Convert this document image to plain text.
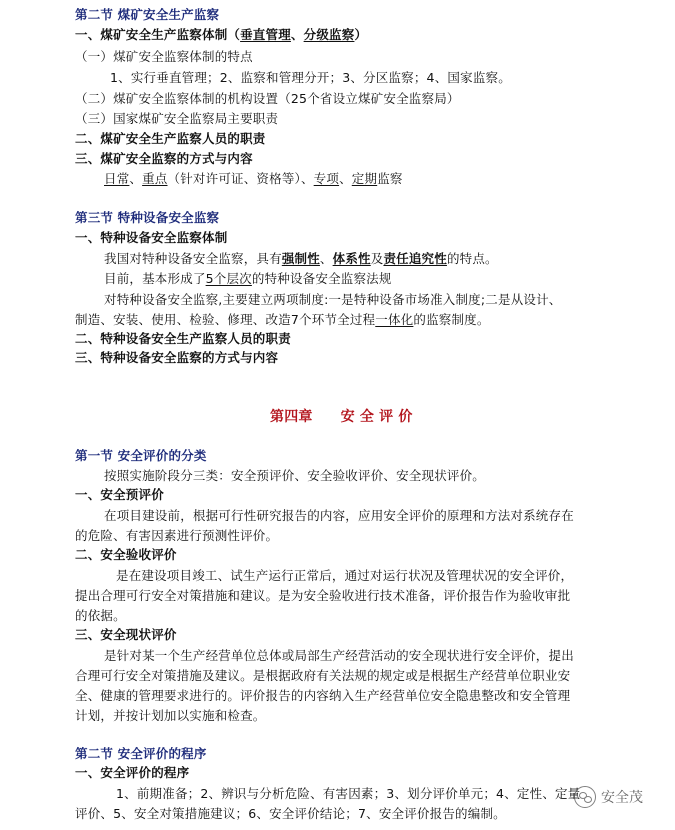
第二节 煤矿安全生产监察
一、煤矿安全生产监察体制（垂直管理、分级监察）
（一）煤矿安全监察体制的特点
1、实行垂直管理；2、监察和管理分开；3、分区监察；4、国家监察。
（二）煤矿安全监察体制的机构设置（25个省设立煤矿安全监察局）
（三）国家煤矿安全监察局主要职责
二、煤矿安全生产监察人员的职责
三、煤矿安全监察的方式与内容
日常、重点（针对许可证、资格等）、专项、定期监察
第三节 特种设备安全监察
一、特种设备安全监察体制
我国对特种设备安全监察，具有强制性、体系性及责任追究性的特点。
目前，基本形成了5个层次的特种设备安全监察法规
对特种设备安全监察,主要建立两项制度:一是特种设备市场准入制度;二是从设计、
制造、安装、使用、检验、修理、改造7个环节全过程一体化的监察制度。
二、特种设备安全生产监察人员的职责
三、特种设备安全监察的方式与内容
第四章 安 全 评 价
第一节 安全评价的分类
按照实施阶段分三类：安全预评价、安全验收评价、安全现状评价。
一、安全预评价
在项目建设前，根据可行性研究报告的内容，应用安全评价的原理和方法对系统存在
的危险、有害因素进行预测性评价。
二、安全验收评价
是在建设项目竣工、试生产运行正常后，通过对运行状况及管理状况的安全评价，
提出合理可行安全对策措施和建议。是为安全验收进行技术准备，评价报告作为验收审批
的依据。
三、安全现状评价
是针对某一个生产经营单位总体或局部生产经营活动的安全现状进行安全评价，提出
合理可行安全对策措施及建议。是根据政府有关法规的规定或是根据生产经营单位职业安
全、健康的管理要求进行的。评价报告的内容纳入生产经营单位安全隐患整改和安全管理
计划，并按计划加以实施和检查。
第二节 安全评价的程序
一、安全评价的程序
1、前期准备；2、辨识与分析危险、有害因素；3、划分评价单元；4、定性、定量
评价、5、安全对策措施建议；6、安全评价结论；7、安全评价报告的编制。
安全茂
